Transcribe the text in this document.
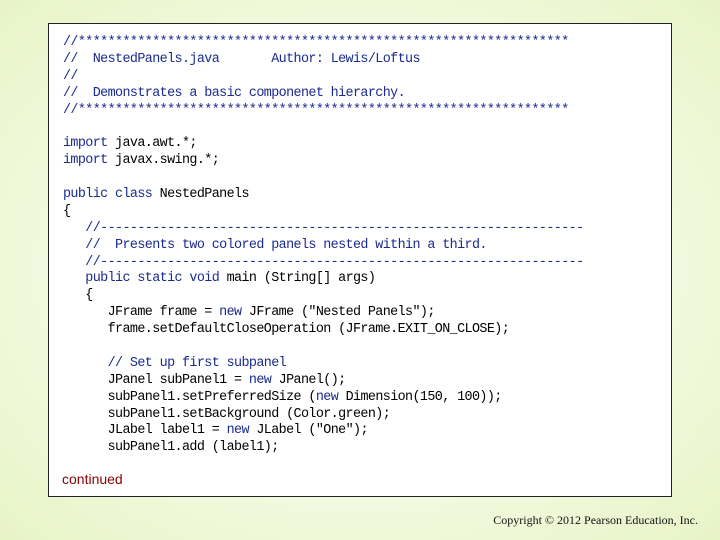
//******************************************************************
//  NestedPanels.java       Author: Lewis/Loftus
//
//  Demonstrates a basic componenet hierarchy.
//******************************************************************

import java.awt.*;
import javax.swing.*;

public class NestedPanels
{
//-----------------------------------------------------------------
//  Presents two colored panels nested within a third.
//-----------------------------------------------------------------
public static void main (String[] args)
{
JFrame frame = new JFrame ("Nested Panels");
frame.setDefaultCloseOperation (JFrame.EXIT_ON_CLOSE);

// Set up first subpanel
JPanel subPanel1 = new JPanel();
subPanel1.setPreferredSize (new Dimension(150, 100));
subPanel1.setBackground (Color.green);
JLabel label1 = new JLabel ("One");
subPanel1.add (label1);
continued
Copyright © 2012 Pearson Education, Inc.
